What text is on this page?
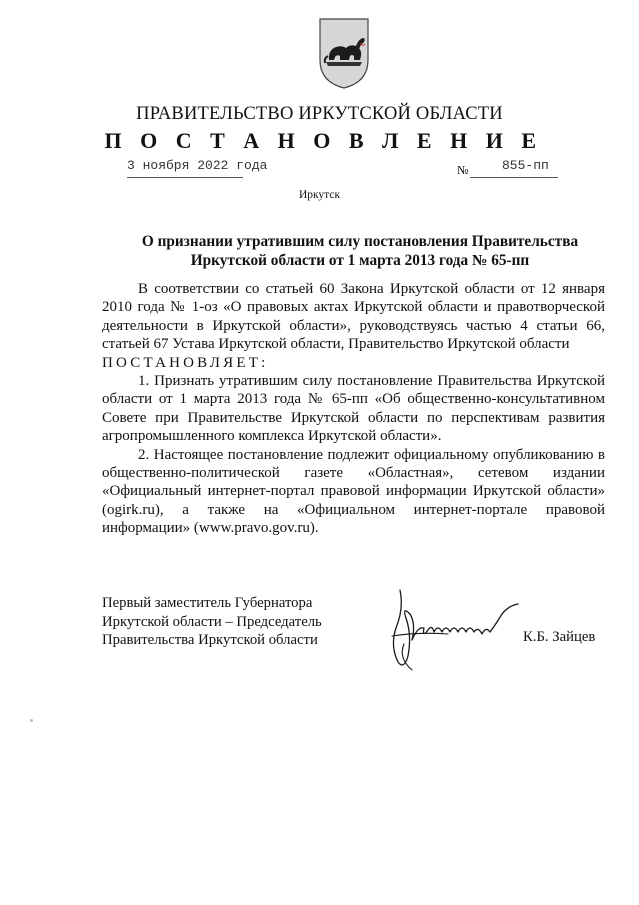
ПРАВИТЕЛЬСТВО ИРКУТСКОЙ ОБЛАСТИ
П О С Т А Н О В Л Е Н И Е
3 ноября 2022 года	№	855-пп
Иркутск
О признании утратившим силу постановления Правительства Иркутской области от 1 марта 2013 года № 65-пп

В соответствии со статьей 60 Закона Иркутской области от 12 января 2010 года № 1-оз «О правовых актах Иркутской области и правотворческой деятельности в Иркутской области», руководствуясь частью 4 статьи 66, статьей 67 Устава Иркутской области, Правительство Иркутской области

ПОСТАНОВЛЯЕТ:

1. Признать утратившим силу постановление Правительства Иркутской области от 1 марта 2013 года № 65-пп «Об общественно-консультативном Совете при Правительстве Иркутской области по перспективам развития агропромышленного комплекса Иркутской области».

2. Настоящее постановление подлежит официальному опубликованию в общественно-политической газете «Областная», сетевом издании «Официальный интернет-портал правовой информации Иркутской области» (ogirk.ru), а также на «Официальном интернет-портале правовой информации» (www.pravo.gov.ru).

Первый заместитель Губернатора
Иркутской области – Председатель
Правительства Иркутской области	К.Б. Зайцев
